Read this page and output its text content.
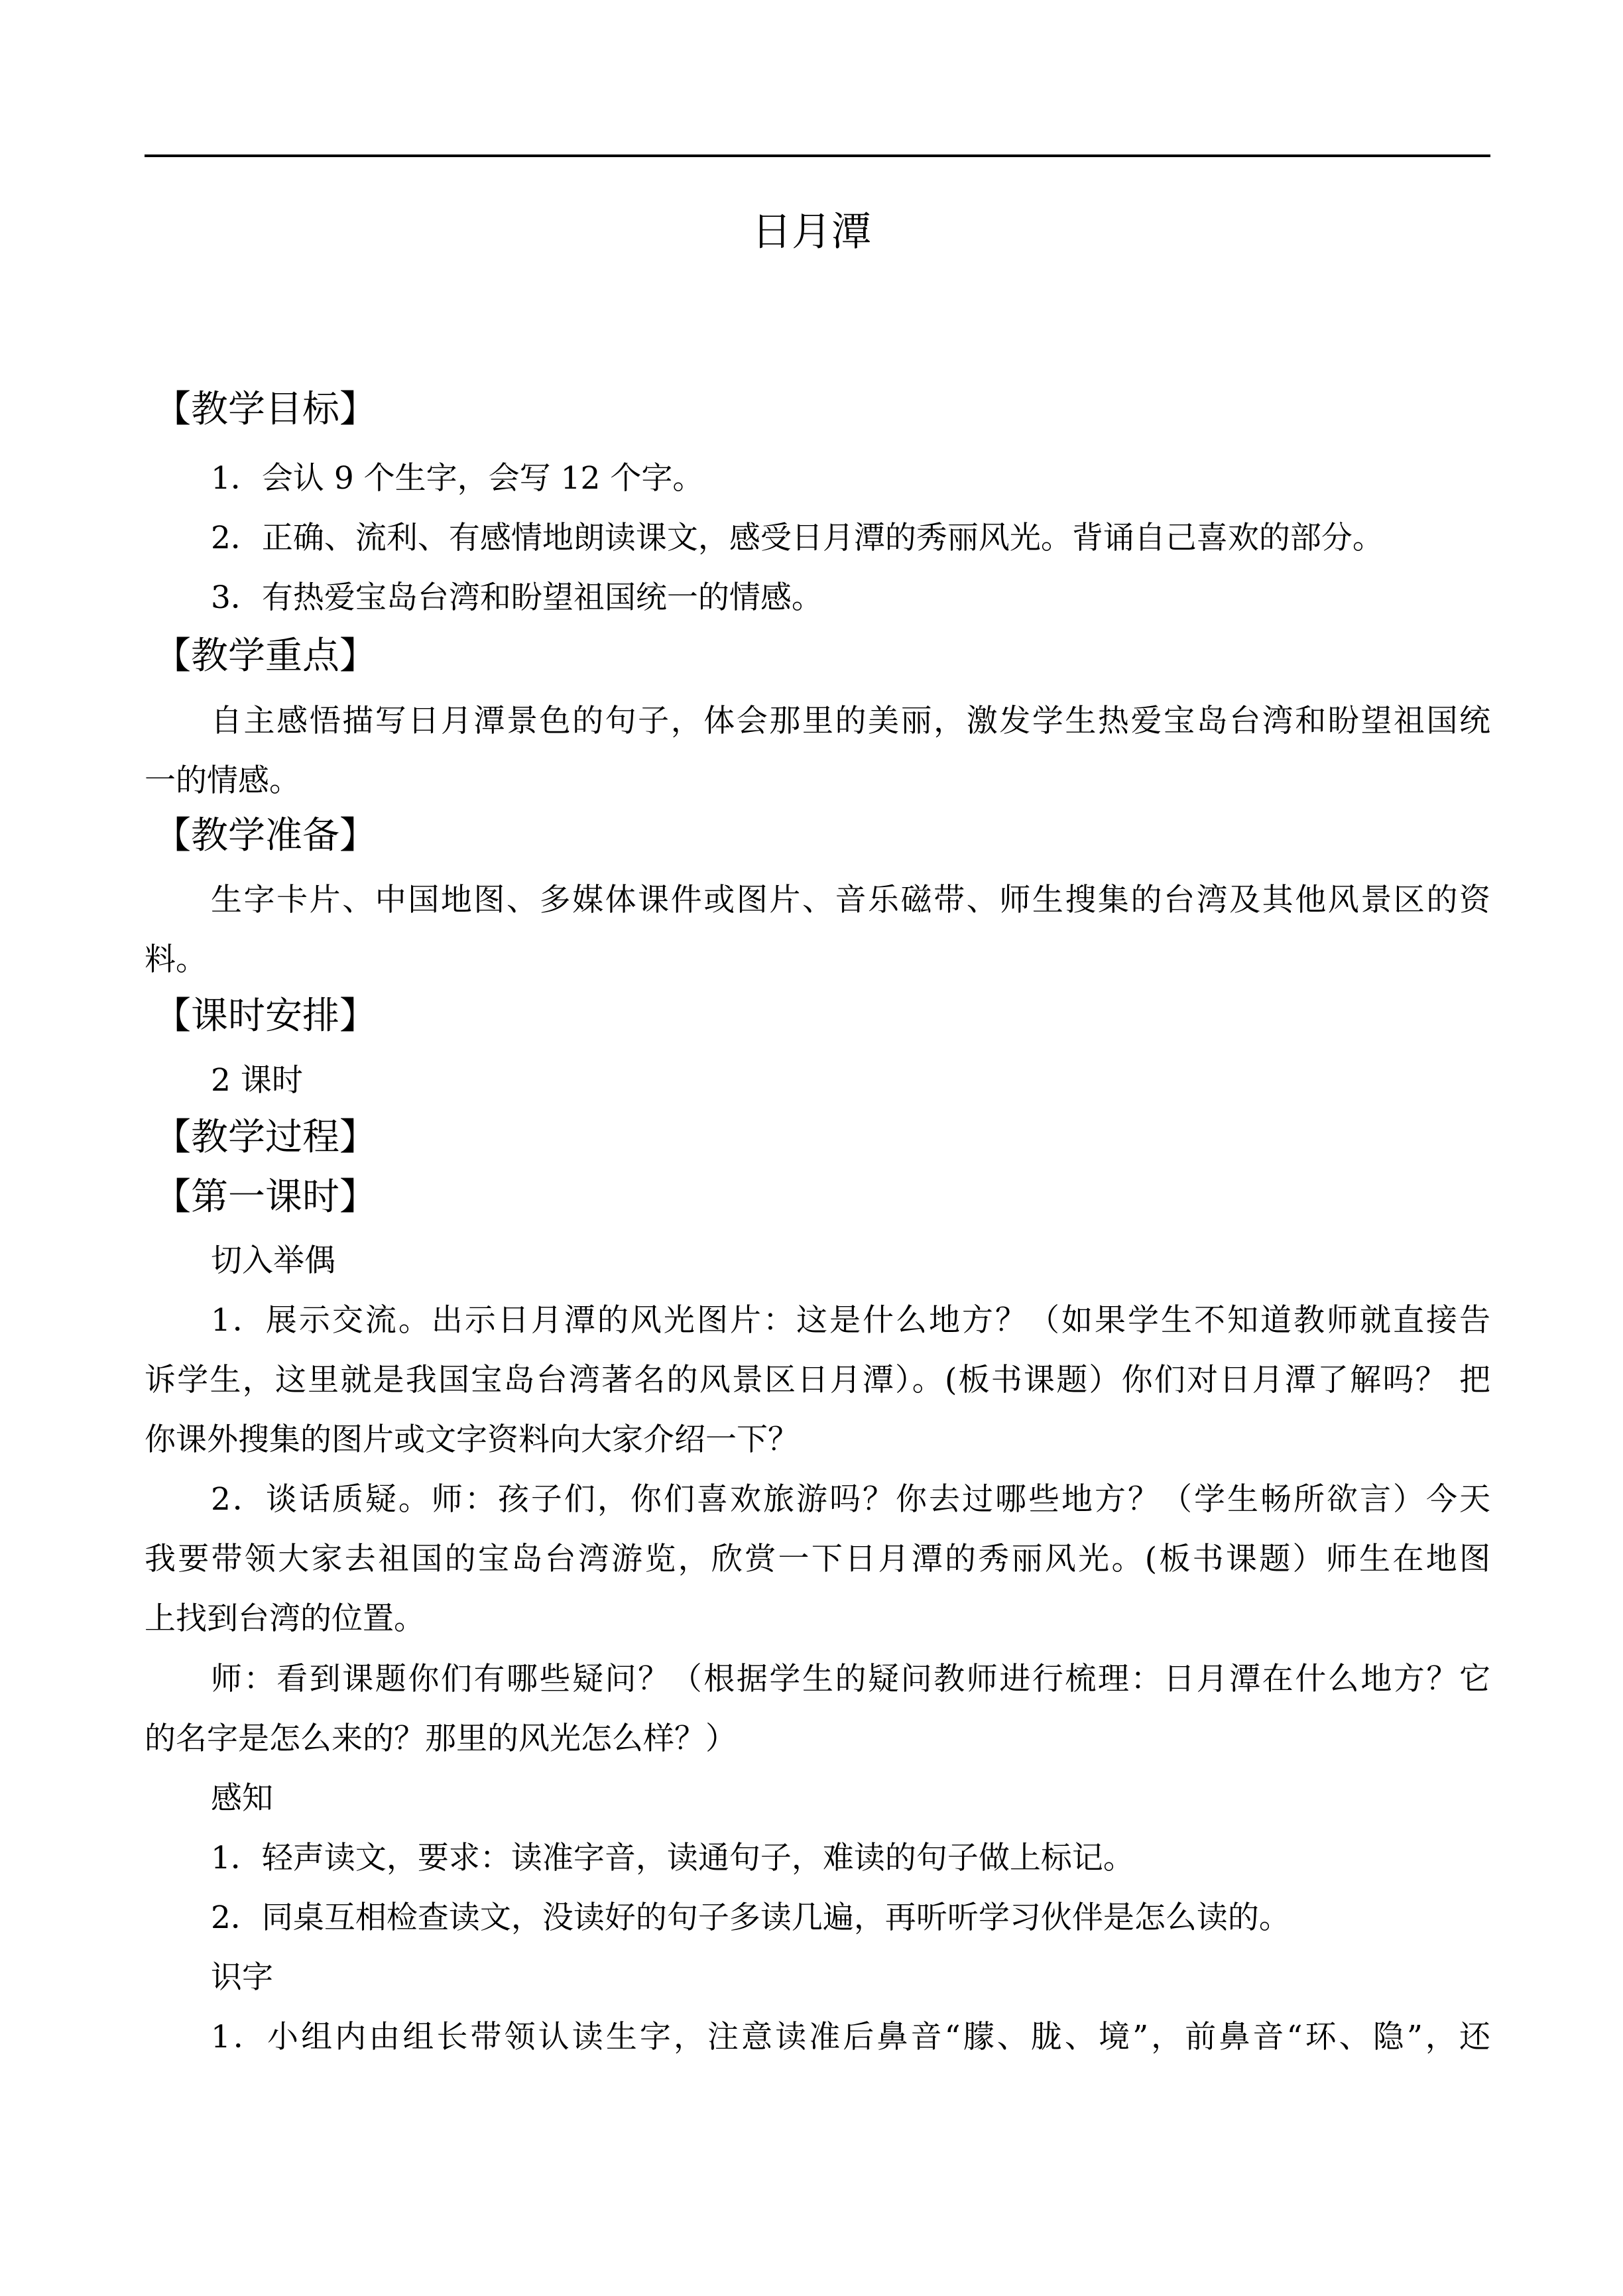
日月潭
【教学目标】
1．会认 9 个生字，会写 12 个字。
2．正确、流利、有感情地朗读课文，感受日月潭的秀丽风光。背诵自己喜欢的部分。
3．有热爱宝岛台湾和盼望祖国统一的情感。
【教学重点】
自主感悟描写日月潭景色的句子，体会那里的美丽，激发学生热爱宝岛台湾和盼望祖国统
一的情感。
【教学准备】
生字卡片、中国地图、多媒体课件或图片、音乐磁带、师生搜集的台湾及其他风景区的资
料。
【课时安排】
2 课时
【教学过程】
【第一课时】
切入举偶
1．展示交流。出示日月潭的风光图片：这是什么地方？（如果学生不知道教师就直接告
诉学生，这里就是我国宝岛台湾著名的风景区日月潭）。(板书课题）你们对日月潭了解吗？ 把
你课外搜集的图片或文字资料向大家介绍一下？
2．谈话质疑。师：孩子们，你们喜欢旅游吗？你去过哪些地方？（学生畅所欲言）今天
我要带领大家去祖国的宝岛台湾游览，欣赏一下日月潭的秀丽风光。(板书课题）师生在地图
上找到台湾的位置。
师：看到课题你们有哪些疑问？（根据学生的疑问教师进行梳理：日月潭在什么地方？它
的名字是怎么来的？那里的风光怎么样？）
感知
1．轻声读文，要求：读准字音，读通句子，难读的句子做上标记。
2．同桌互相检查读文，没读好的句子多读几遍，再听听学习伙伴是怎么读的。
识字
1．小组内由组长带领认读生字，注意读准后鼻音“朦、胧、境”，前鼻音“环、隐”，还
